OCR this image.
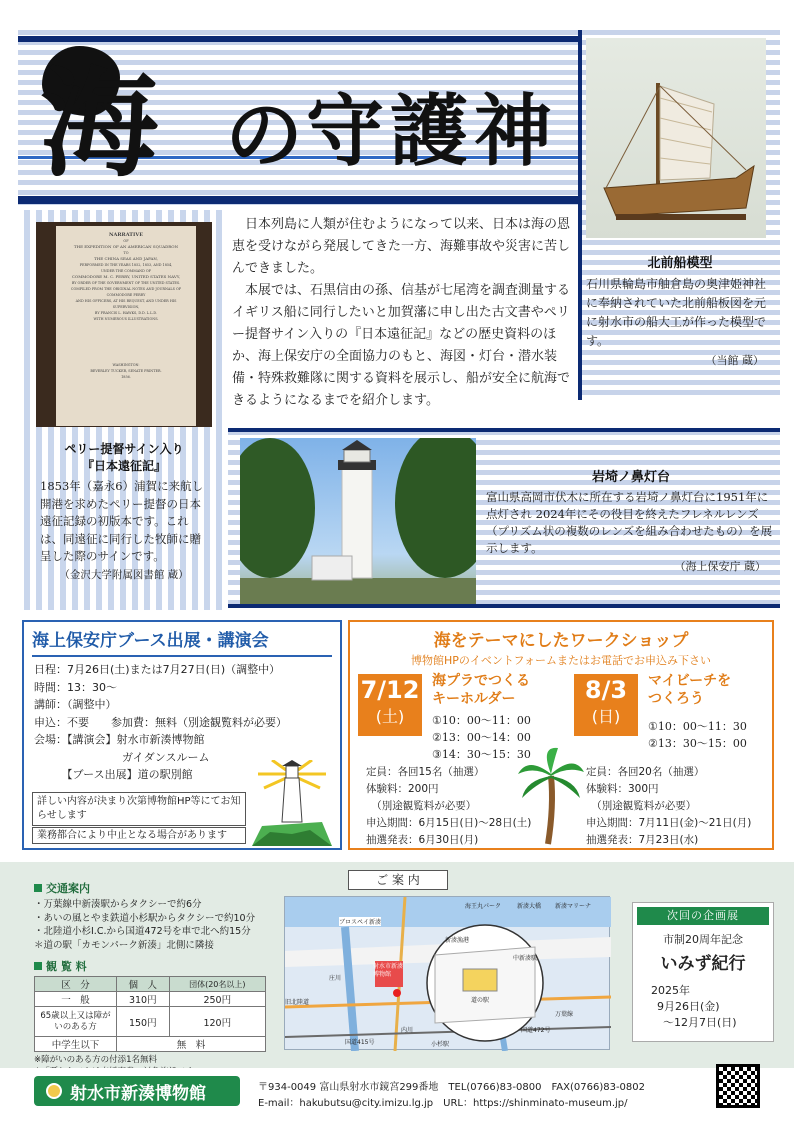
海 の 守 護 神
北前船模型
石川県輪島市舳倉島の奥津姫神社に奉納されていた北前船板図を元に射水市の船大工が作った模型です。
（当館 蔵）
NARRATIVE
OF
THE EXPEDITION OF AN AMERICAN SQUADRON
TO
THE CHINA SEAS AND JAPAN,
PERFORMED IN THE YEARS 1852, 1853, AND 1854,
UNDER THE COMMAND OF
COMMODORE M. C. PERRY, UNITED STATES NAVY,
BY ORDER OF THE GOVERNMENT OF THE UNITED STATES.
COMPILED FROM THE ORIGINAL NOTES AND JOURNALS OF COMMODORE PERRY
AND HIS OFFICERS, AT HIS REQUEST, AND UNDER HIS SUPERVISION,
BY FRANCIS L. HAWKS, D.D. L.L.D.
WITH NUMEROUS ILLUSTRATIONS.
WASHINGTON:
BEVERLEY TUCKER, SENATE PRINTER.
1856.
ペリー提督サイン入り
『日本遠征記』
1853年（嘉永6）浦賀に来航し開港を求めたペリー提督の日本遠征記録の初版本です。これは、同遠征に同行した牧師に贈呈した際のサインです。
（金沢大学附属図書館 蔵）

日本列島に人類が住むようになって以来、日本は海の恩恵を受けながら発展してきた一方、海難事故や災害に苦しんできました。

本展では、石黒信由の孫、信基が七尾湾を調査測量するイギリス船に同行したいと加賀藩に申し出た古文書やペリー提督サイン入りの『日本遠征記』などの歴史資料のほか、海上保安庁の全面協力のもと、海図・灯台・潜水装備・特殊救難隊に関する資料を展示し、船が安全に航海できるようになるまでを紹介します。

岩埼ノ鼻灯台
富山県高岡市伏木に所在する岩埼ノ鼻灯台に1951年に点灯され 2024年にその役目を終えたフレネルレンズ（プリズム状の複数のレンズを組み合わせたもの）を展示します。
（海上保安庁 蔵）
海上保安庁ブース出展・講演会
日程：7月26日(土)または7月27日(日)（調整中）
時間：13：30～
講師：（調整中）
申込：不要　　参加費：無料（別途観覧料が必要）
会場：【講演会】射水市新湊博物館
　　　　　　　　ガイダンスルーム
　　　【ブース出展】道の駅別館
詳しい内容が決まり次第博物館HP等にてお知らせします
業務都合により中止となる場合があります
海をテーマにしたワークショップ
博物館HPのイベントフォームまたはお電話でお申込み下さい
7/12
(土)
海プラでつくる
キーホルダー
①10：00～11：00
②13：00～14：00
③14：30～15：30
定員：各回15名（抽選）
体験料：200円
　（別途観覧料が必要）
申込期間：6月15日(日)～28日(土)
抽選発表：6月30日(月)
8/3
(日)
マイビーチを
つくろう
①10：00～11：30
②13：30～15：00
定員：各回20名（抽選）
体験料：300円
　（別途観覧料が必要）
申込期間：7月11日(金)～21日(月)
抽選発表：7月23日(水)
交通案内
・万葉線中新湊駅からタクシーで約6分
・あいの風とやま鉄道小杉駅からタクシーで約10分
・北陸道小杉I.C.から国道472号を車で北へ約15分
＊道の駅「カモンパーク新湊」北側に隣接
観 覧 料
区　分	個　人	団体(20名以上)
一　般	310円	250円
65歳以上又は障がいのある方	150円	120円
中学生以下	無　料	
※障がいのある方の付添1名無料
ご 案 内
海王丸パーク	新湊大橋 新湊マリーナ
ブロスペイ新湊
庄川
内川
射水市新湊博物館
新湊漁港
旧北陸道
国道415号
国道472号
万葉線
中新湊駅
小杉駅
道の駅
次回の企画展
市制20周年記念
いみず紀行
2025年
9月26日(金)
～12月7日(日)
射水市新湊博物館	〒934-0049 富山県射水市鏡宮299番地　TEL(0766)83-0800　FAX(0766)83-0802
E-mail：hakubutsu@city.imizu.lg.jp　URL：https://shinminato-museum.jp/
